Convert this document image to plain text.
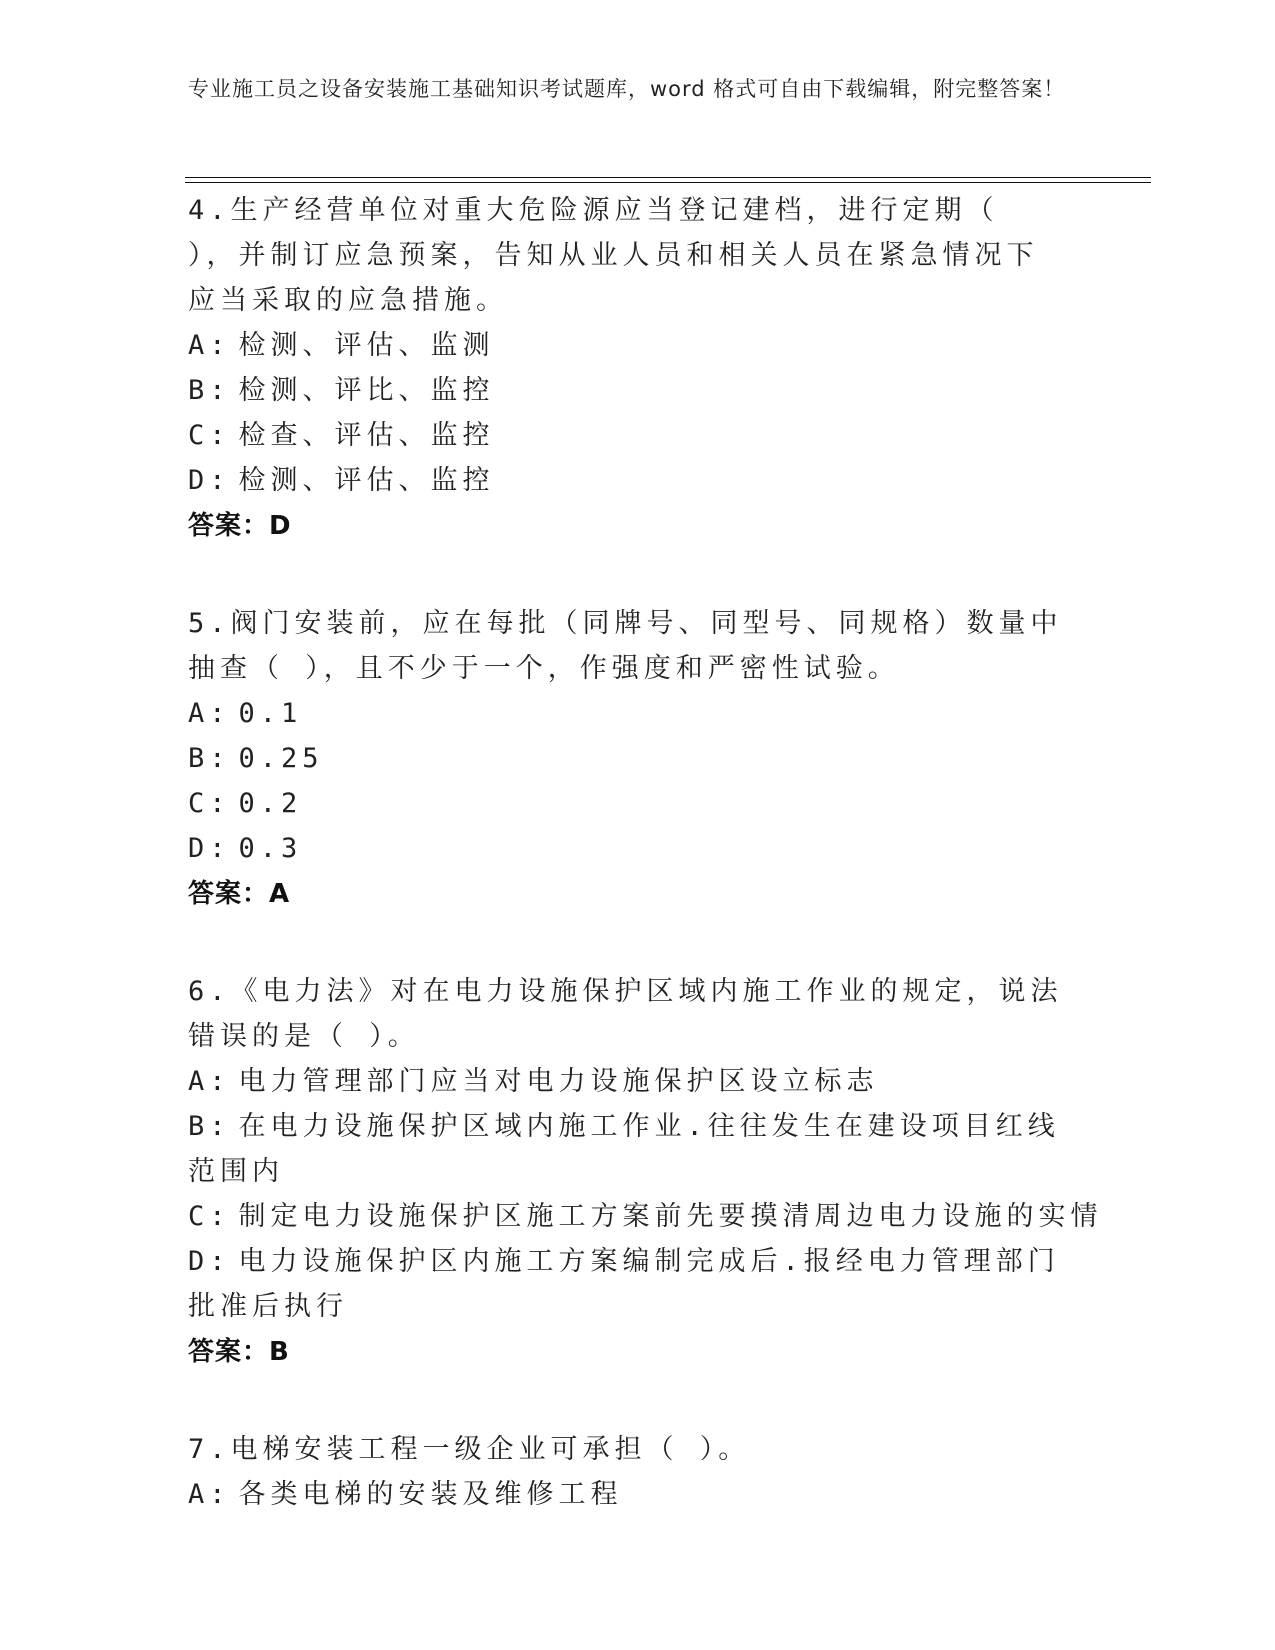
专业施工员之设备安装施工基础知识考试题库，word 格式可自由下载编辑，附完整答案！
4.生产经营单位对重大危险源应当登记建档，进行定期（ ），并制订应急预案，告知从业人员和相关人员在紧急情况下应当采取的应急措施。
A: 检测、评估、监测
B: 检测、评比、监控
C: 检查、评估、监控
D: 检测、评估、监控
答案：D
5.阀门安装前，应在每批（同牌号、同型号、同规格）数量中抽查（ ），且不少于一个，作强度和严密性试验。
A: 0.1
B: 0.25
C: 0.2
D: 0.3
答案：A
6.《电力法》对在电力设施保护区域内施工作业的规定，说法错误的是（ ）。
A: 电力管理部门应当对电力设施保护区设立标志
B: 在电力设施保护区域内施工作业.往往发生在建设项目红线范围内
C: 制定电力设施保护区施工方案前先要摸清周边电力设施的实情
D: 电力设施保护区内施工方案编制完成后.报经电力管理部门批准后执行
答案：B
7.电梯安装工程一级企业可承担（ ）。
A: 各类电梯的安装及维修工程
